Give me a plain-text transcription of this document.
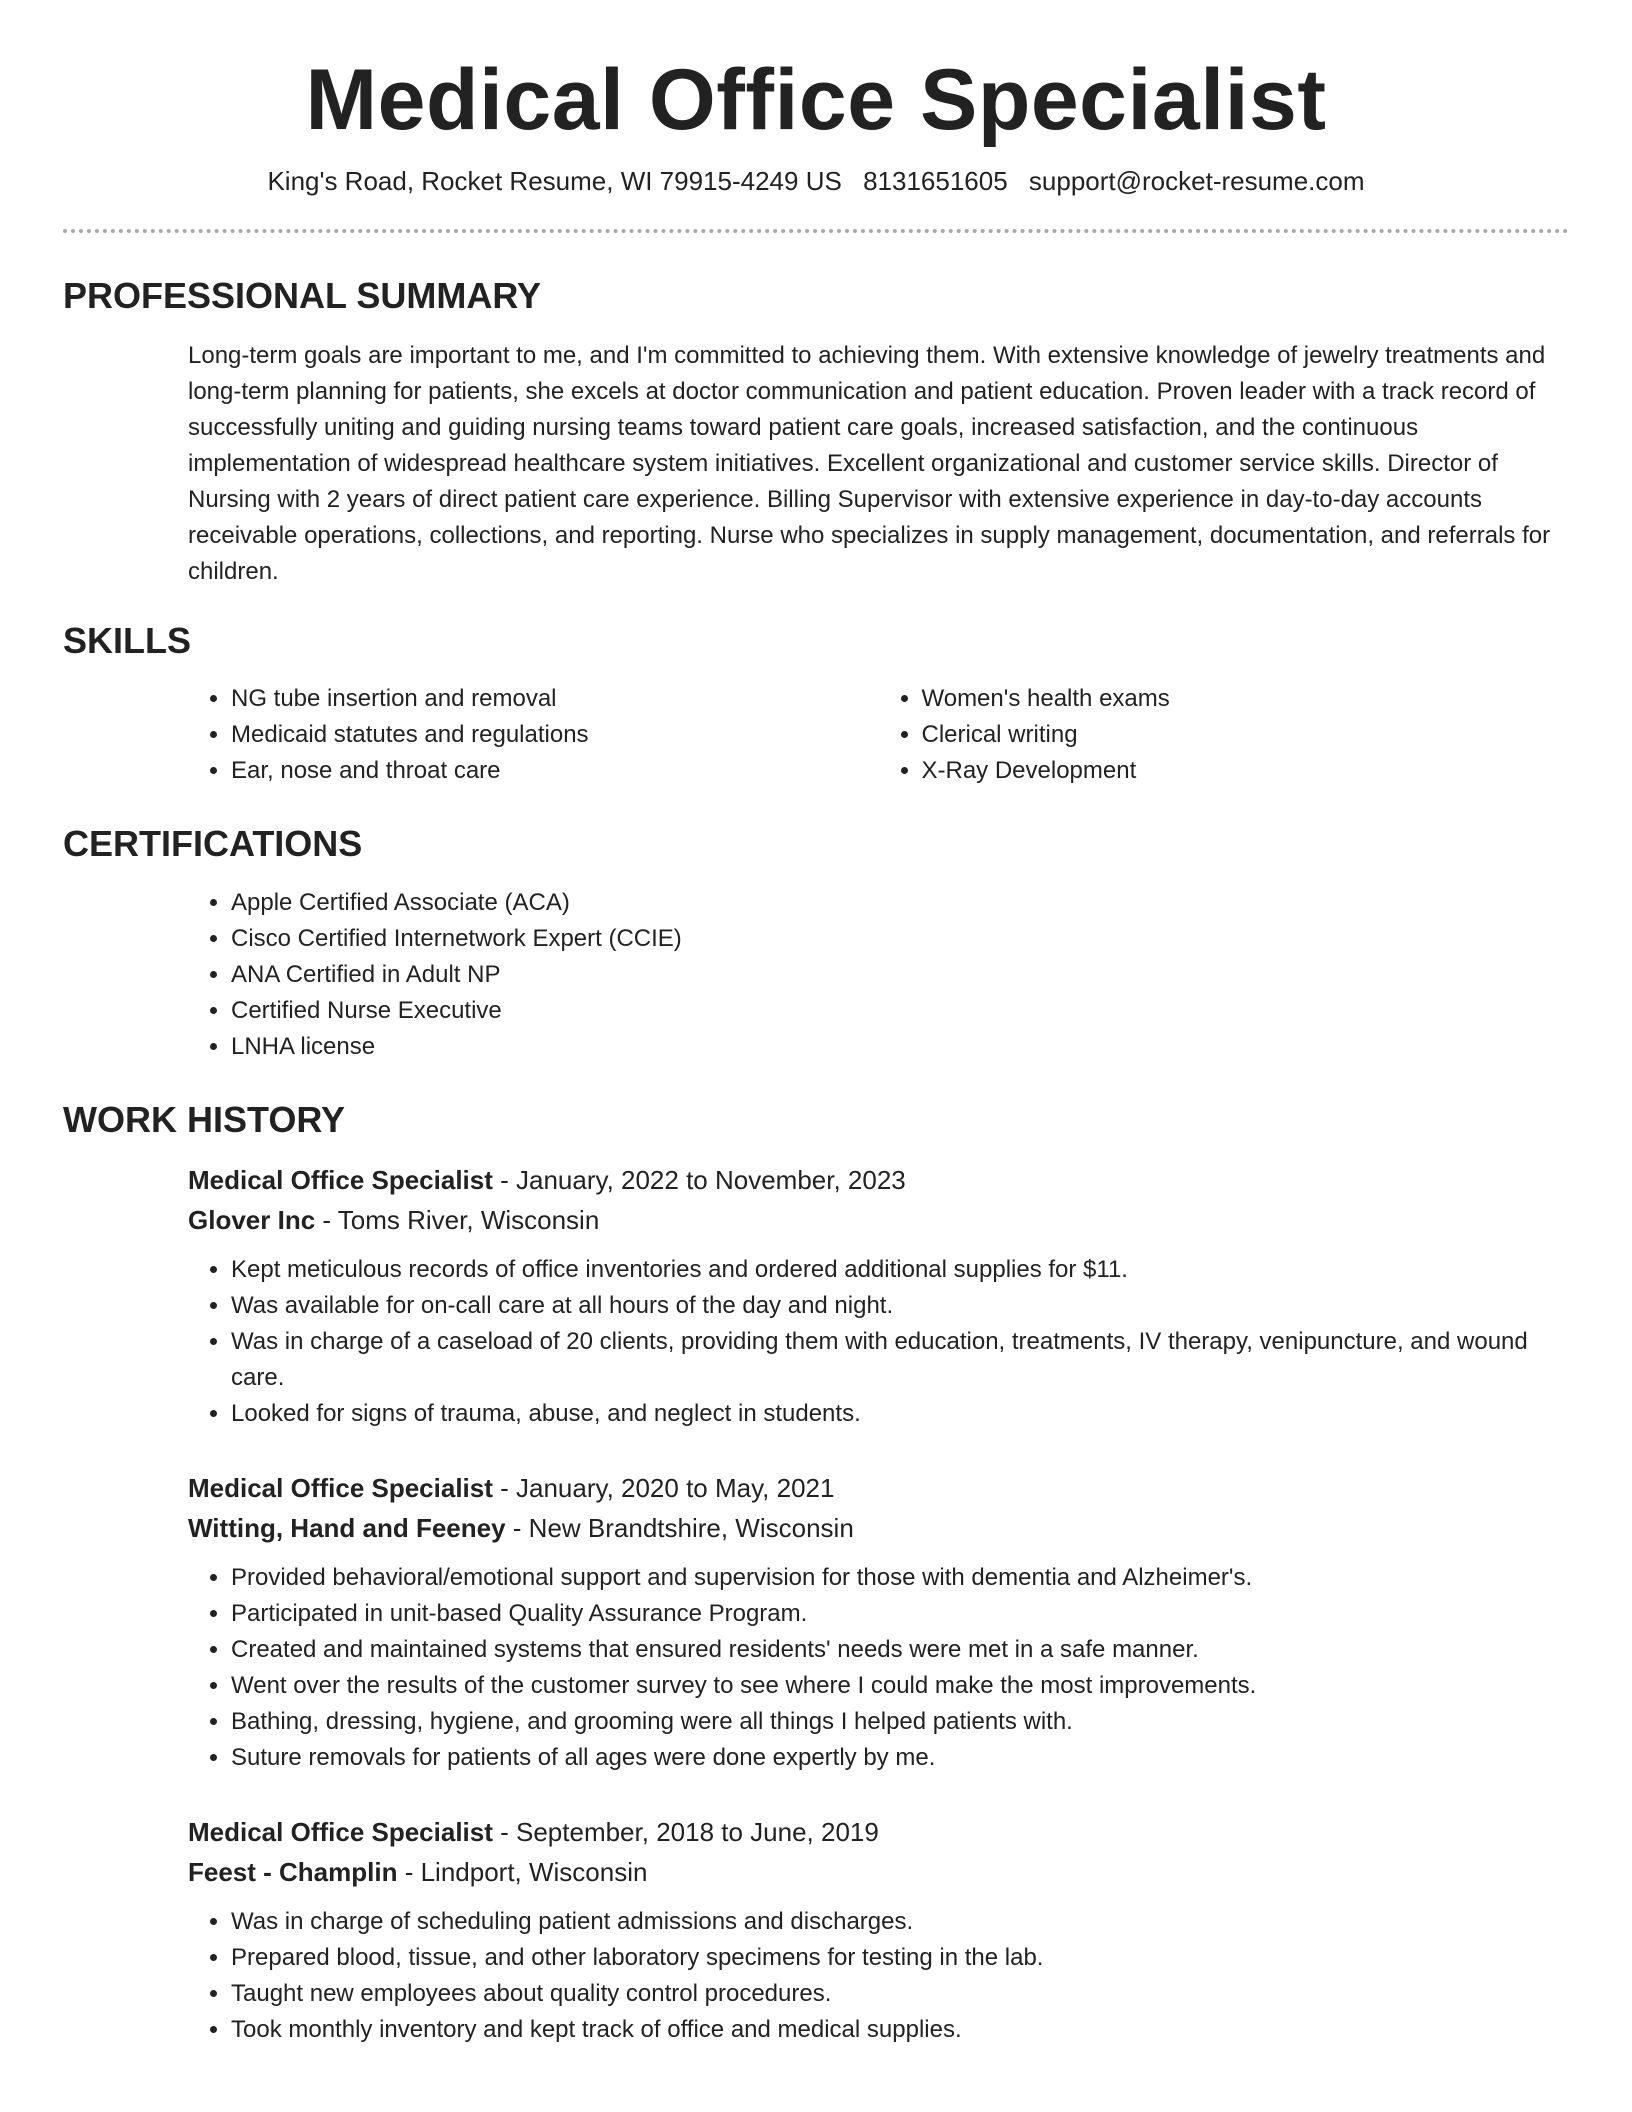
Medical Office Specialist
King's Road, Rocket Resume, WI 79915-4249 US 8131651605 support@rocket-resume.com
PROFESSIONAL SUMMARY

Long-term goals are important to me, and I'm committed to achieving them. With extensive knowledge of jewelry treatments and long-term planning for patients, she excels at doctor communication and patient education. Proven leader with a track record of successfully uniting and guiding nursing teams toward patient care goals, increased satisfaction, and the continuous implementation of widespread healthcare system initiatives. Excellent organizational and customer service skills. Director of Nursing with 2 years of direct patient care experience. Billing Supervisor with extensive experience in day-to-day accounts receivable operations, collections, and reporting. Nurse who specializes in supply management, documentation, and referrals for children.

SKILLS
• NG tube insertion and removal
• Medicaid statutes and regulations
• Ear, nose and throat care
• Women's health exams
• Clerical writing
• X-Ray Development
CERTIFICATIONS
• Apple Certified Associate (ACA)
• Cisco Certified Internetwork Expert (CCIE)
• ANA Certified in Adult NP
• Certified Nurse Executive
• LNHA license
WORK HISTORY
Medical Office Specialist - January, 2022 to November, 2023
Glover Inc - Toms River, Wisconsin
• Kept meticulous records of office inventories and ordered additional supplies for $11.
• Was available for on-call care at all hours of the day and night.
• Was in charge of a caseload of 20 clients, providing them with education, treatments, IV therapy, venipuncture, and wound care.
• Looked for signs of trauma, abuse, and neglect in students.
Medical Office Specialist - January, 2020 to May, 2021
Witting, Hand and Feeney - New Brandtshire, Wisconsin
• Provided behavioral/emotional support and supervision for those with dementia and Alzheimer's.
• Participated in unit-based Quality Assurance Program.
• Created and maintained systems that ensured residents' needs were met in a safe manner.
• Went over the results of the customer survey to see where I could make the most improvements.
• Bathing, dressing, hygiene, and grooming were all things I helped patients with.
• Suture removals for patients of all ages were done expertly by me.
Medical Office Specialist - September, 2018 to June, 2019
Feest - Champlin - Lindport, Wisconsin
• Was in charge of scheduling patient admissions and discharges.
• Prepared blood, tissue, and other laboratory specimens for testing in the lab.
• Taught new employees about quality control procedures.
• Took monthly inventory and kept track of office and medical supplies.
